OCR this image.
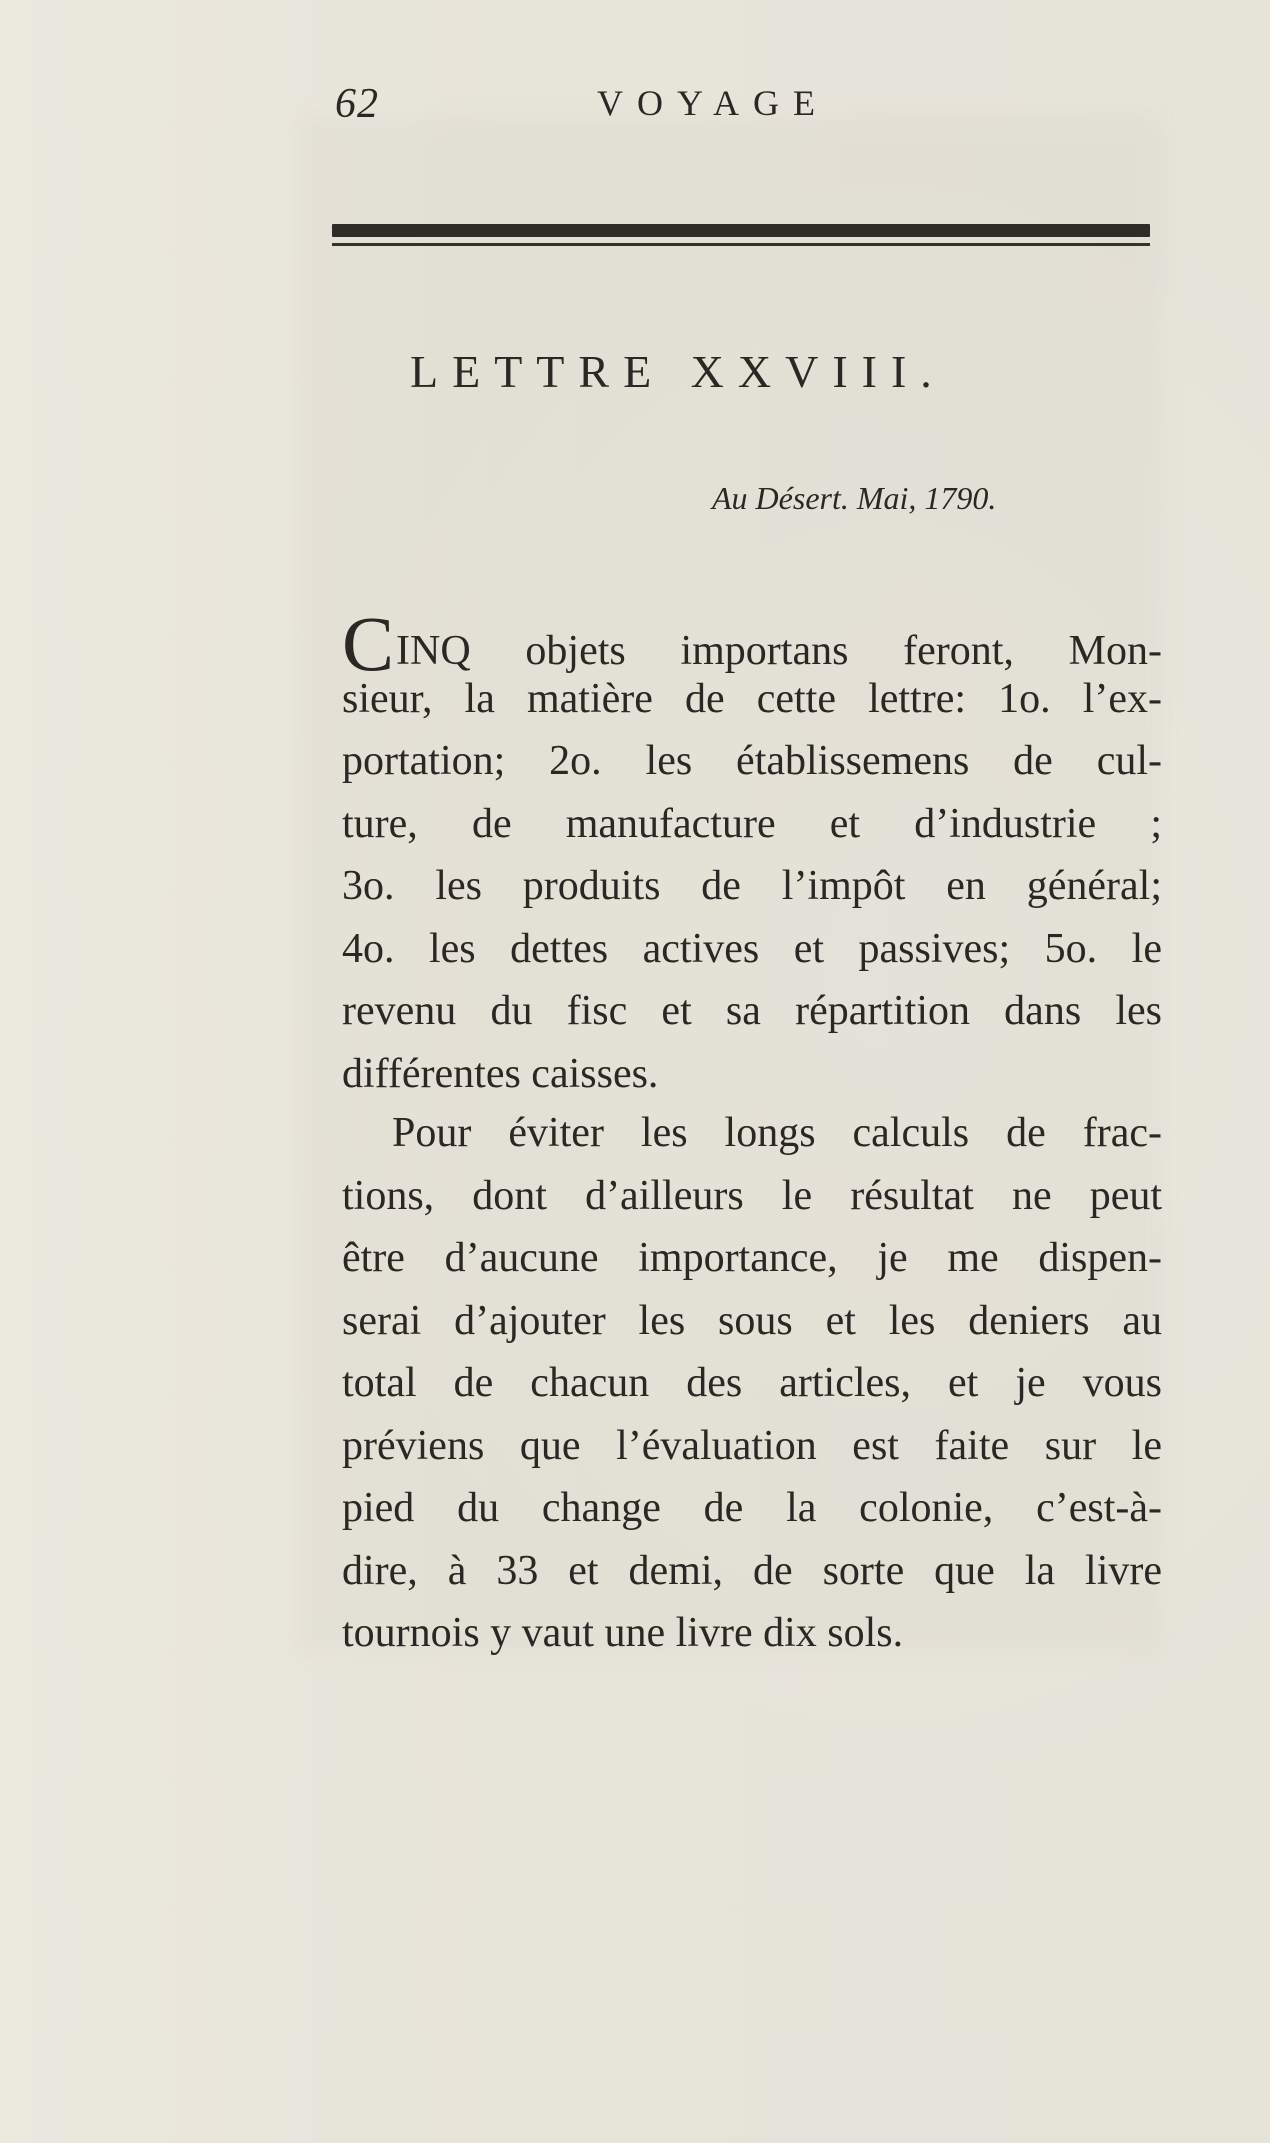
62	VOYAGE
LETTRE XXVIII.
Au Désert. Mai, 1790.
CINQ objets importans feront, Mon-
sieur, la matière de cette lettre: 1o. l’ex-
portation; 2o. les établissemens de cul-
ture, de manufacture et d’industrie ;
3o. les produits de l’impôt en général;
4o. les dettes actives et passives; 5o. le
revenu du fisc et sa répartition dans les
différentes caisses.
Pour éviter les longs calculs de frac-
tions, dont d’ailleurs le résultat ne peut
être d’aucune importance, je me dispen-
serai d’ajouter les sous et les deniers au
total de chacun des articles, et je vous
préviens que l’évaluation est faite sur le
pied du change de la colonie, c’est-à-
dire, à 33 et demi, de sorte que la livre
tournois y vaut une livre dix sols.
